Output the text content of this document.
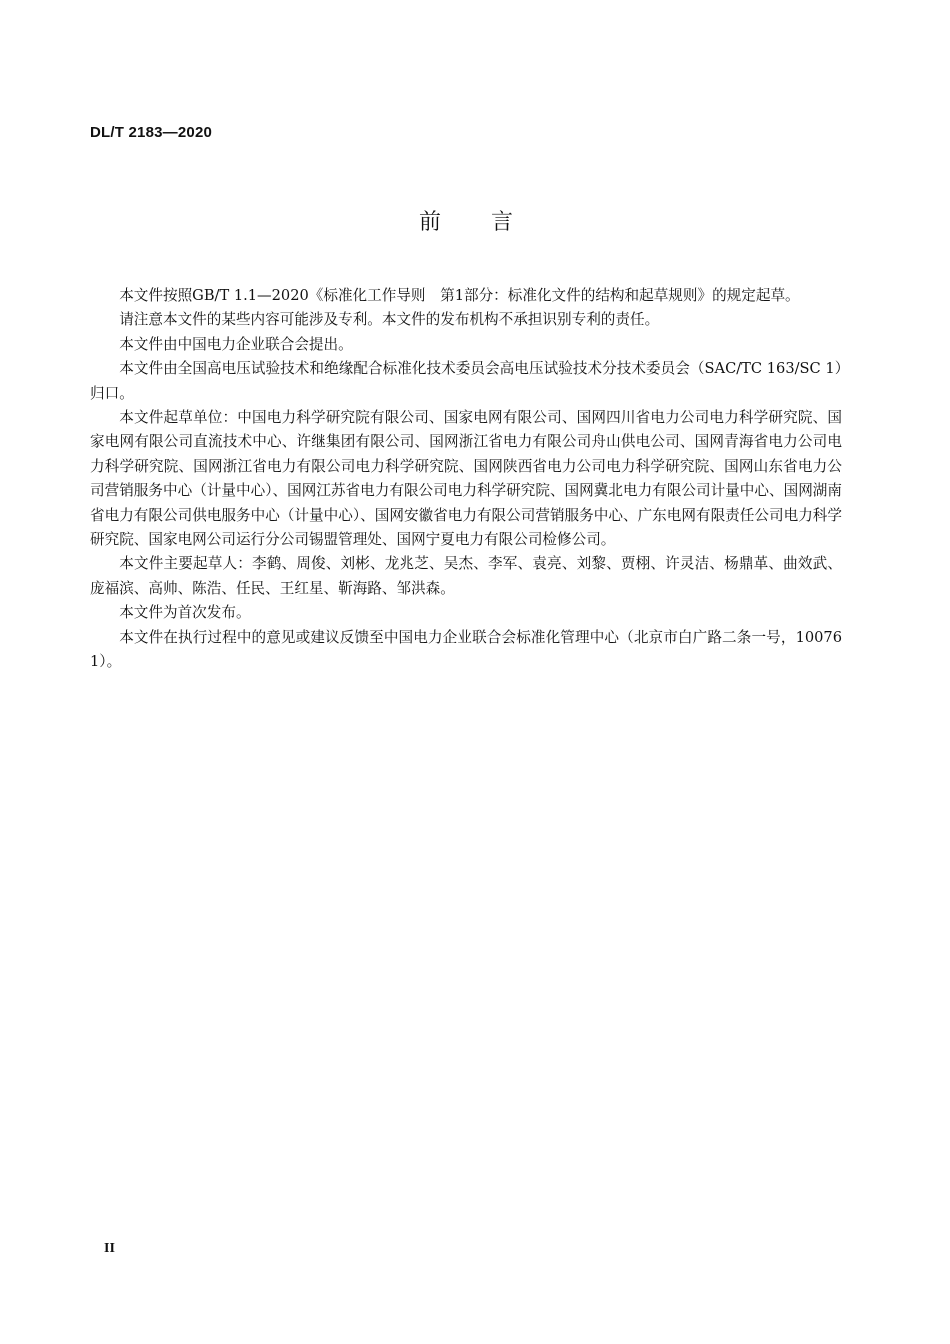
DL/T 2183—2020
前言

本文件按照GB/T 1.1—2020《标准化工作导则　第1部分：标准化文件的结构和起草规则》的规定起草。

请注意本文件的某些内容可能涉及专利。本文件的发布机构不承担识别专利的责任。

本文件由中国电力企业联合会提出。

本文件由全国高电压试验技术和绝缘配合标准化技术委员会高电压试验技术分技术委员会（SAC/TC 163/SC 1）归口。

本文件起草单位：中国电力科学研究院有限公司、国家电网有限公司、国网四川省电力公司电力科学研究院、国家电网有限公司直流技术中心、许继集团有限公司、国网浙江省电力有限公司舟山供电公司、国网青海省电力公司电力科学研究院、国网浙江省电力有限公司电力科学研究院、国网陕西省电力公司电力科学研究院、国网山东省电力公司营销服务中心（计量中心）、国网江苏省电力有限公司电力科学研究院、国网冀北电力有限公司计量中心、国网湖南省电力有限公司供电服务中心（计量中心）、国网安徽省电力有限公司营销服务中心、广东电网有限责任公司电力科学研究院、国家电网公司运行分公司锡盟管理处、国网宁夏电力有限公司检修公司。

本文件主要起草人：李鹤、周俊、刘彬、龙兆芝、吴杰、李军、袁亮、刘黎、贾栩、许灵洁、杨鼎革、曲效武、庞福滨、高帅、陈浩、任民、王红星、靳海路、邹洪森。

本文件为首次发布。

本文件在执行过程中的意见或建议反馈至中国电力企业联合会标准化管理中心（北京市白广路二条一号，100761）。

II
